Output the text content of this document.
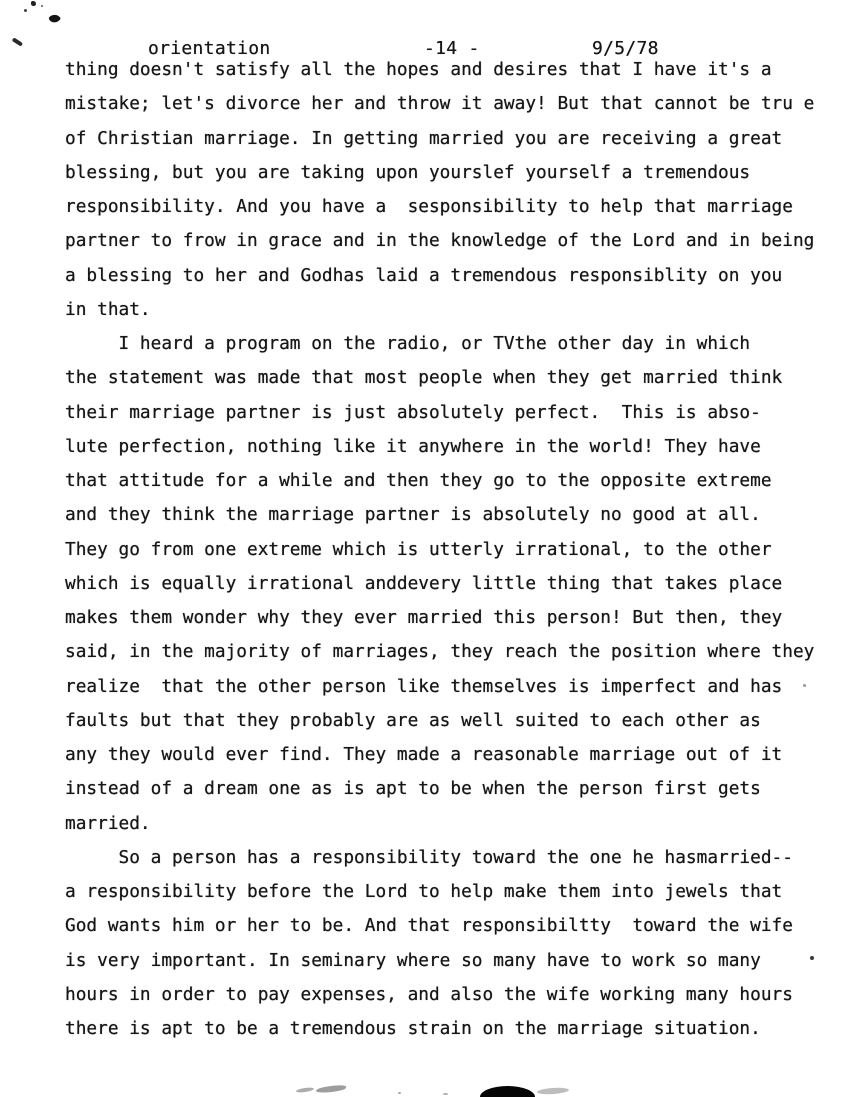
orientation	-14 -	9/5/78
thing doesn't satisfy all the hopes and desires that I have it's a
mistake; let's divorce her and throw it away! But that cannot be tru e
of Christian marriage. In getting married you are receiving a great
blessing, but you are taking upon yourslef yourself a tremendous
responsibility. And you have a  sesponsibility to help that marriage
partner to frow in grace and in the knowledge of the Lord and in being
a blessing to her and Godhas laid a tremendous responsiblity on you
in that.
I heard a program on the radio, or TVthe other day in which
the statement was made that most people when they get married think
their marriage partner is just absolutely perfect.  This is abso-
lute perfection, nothing like it anywhere in the world! They have
that attitude for a while and then they go to the opposite extreme
and they think the marriage partner is absolutely no good at all.
They go from one extreme which is utterly irrational, to the other
which is equally irrational anddevery little thing that takes place
makes them wonder why they ever married this person! But then, they
said, in the majority of marriages, they reach the position where they
realize  that the other person like themselves is imperfect and has
faults but that they probably are as well suited to each other as
any they would ever find. They made a reasonable marriage out of it
instead of a dream one as is apt to be when the person first gets
married.
So a person has a responsibility toward the one he hasmarried--
a responsibility before the Lord to help make them into jewels that
God wants him or her to be. And that responsibiltty  toward the wife
is very important. In seminary where so many have to work so many
hours in order to pay expenses, and also the wife working many hours
there is apt to be a tremendous strain on the marriage situation.
